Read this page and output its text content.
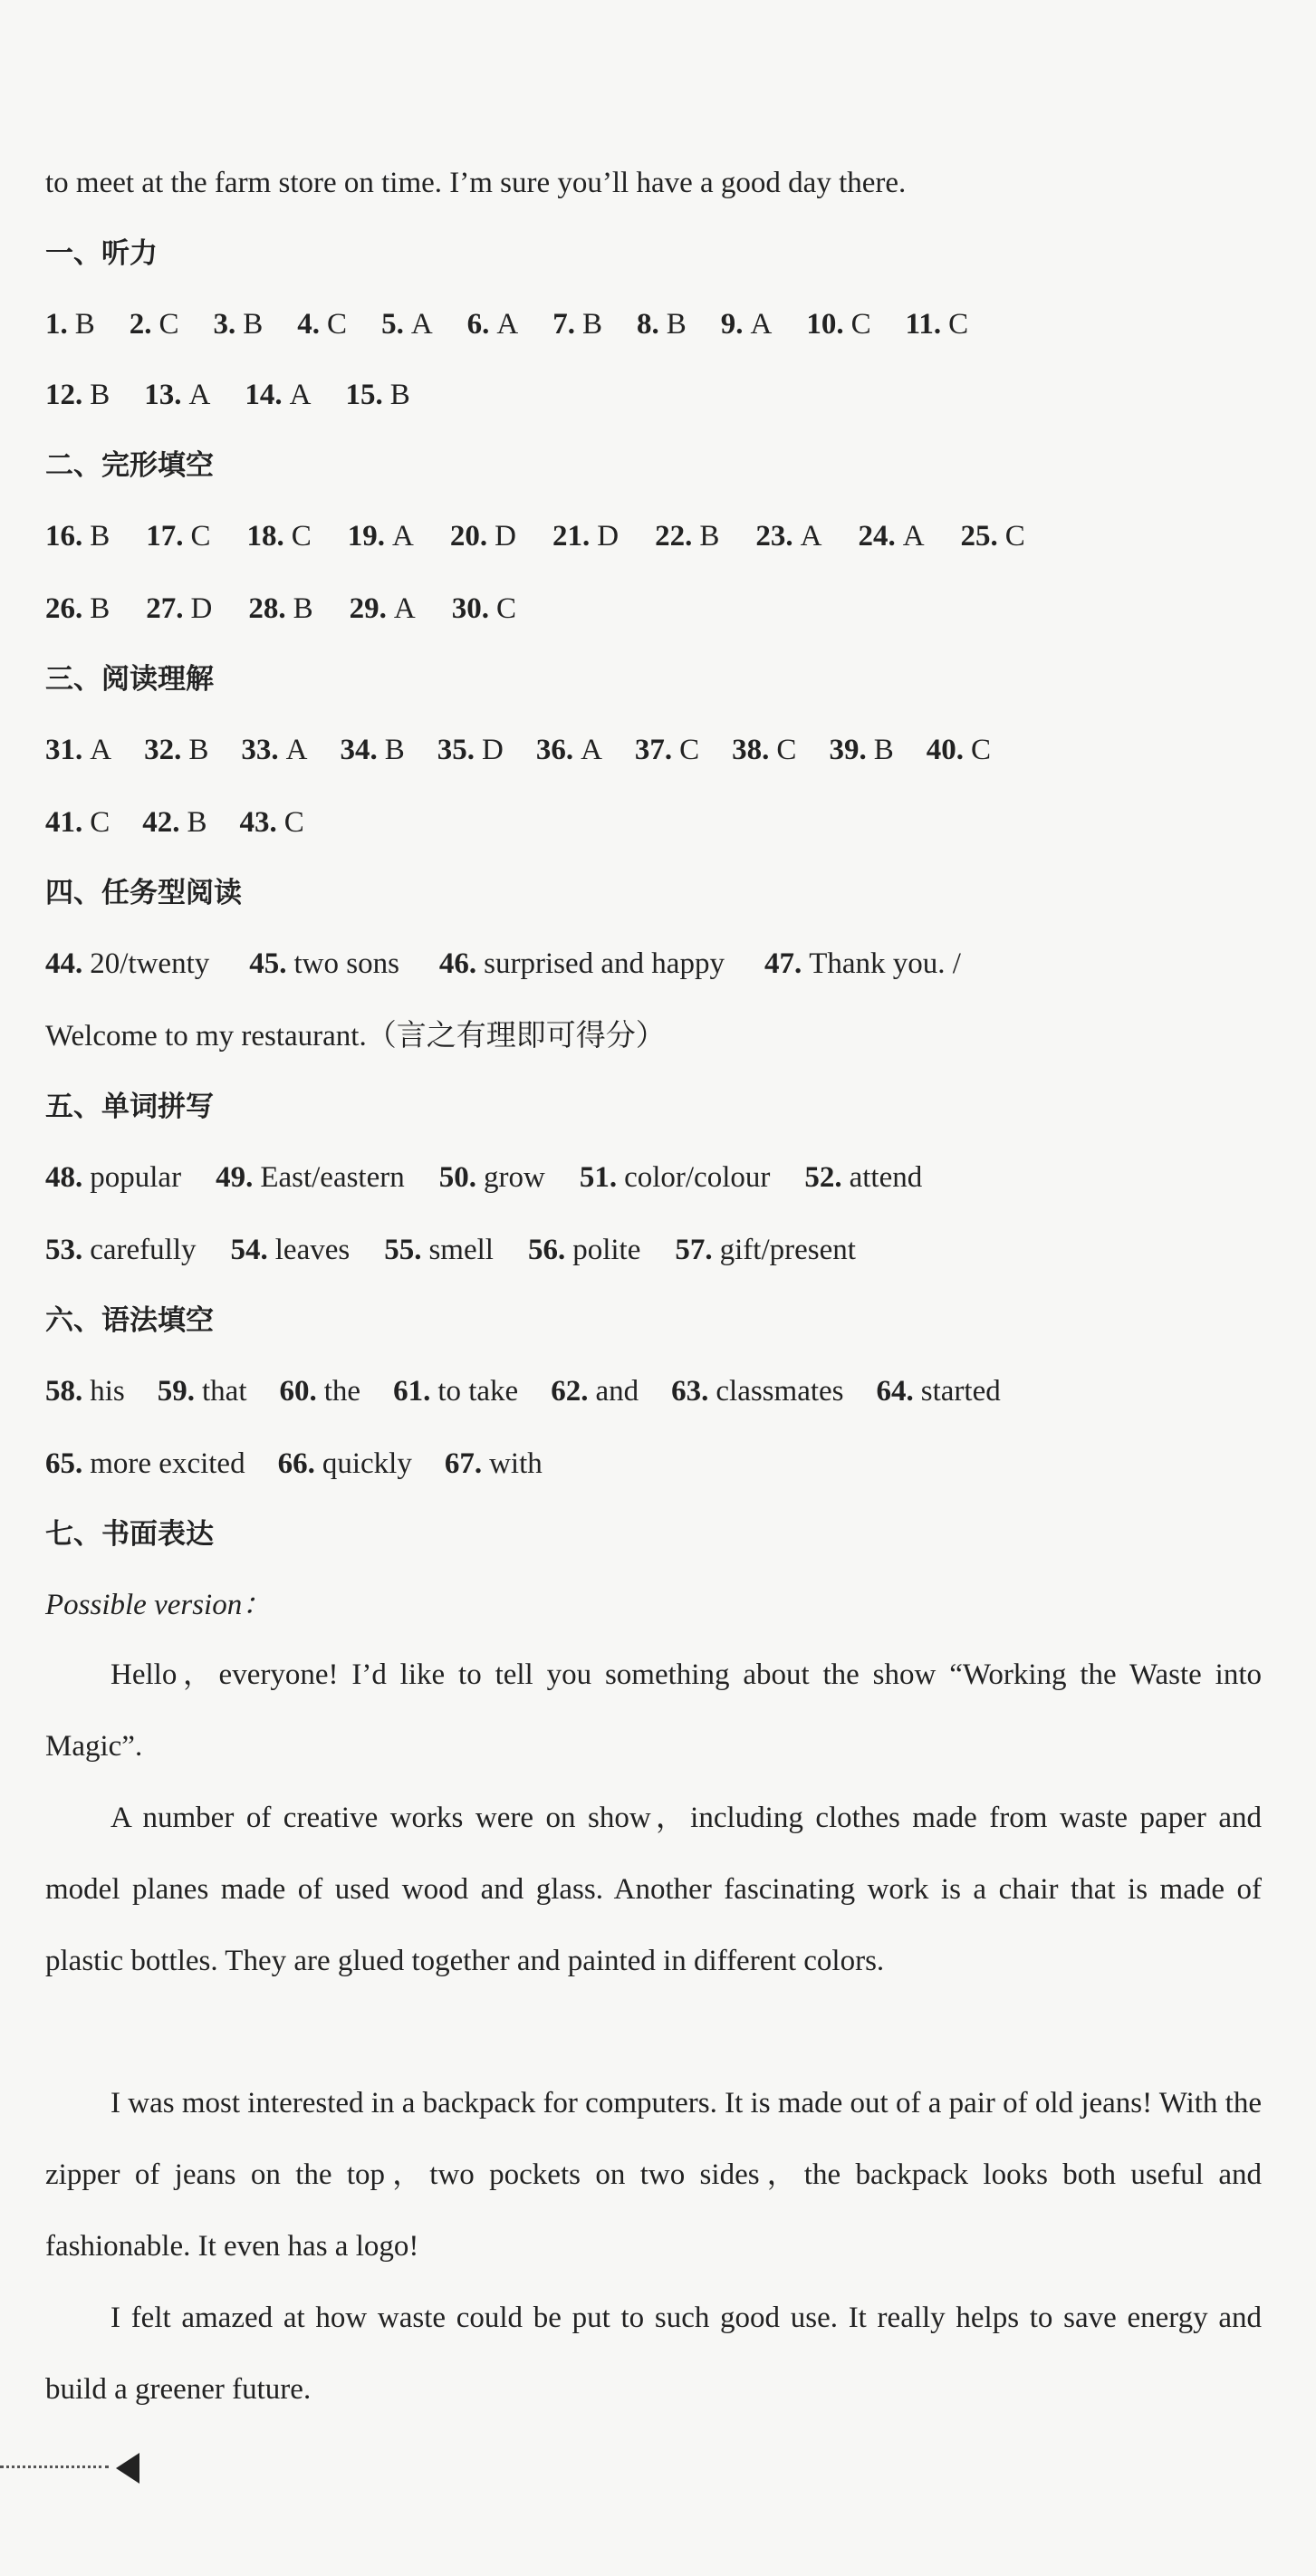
to meet at the farm store on time. I’m sure you’ll have a good day there.
一、听力
1. B 2. C 3. B 4. C 5. A 6. A 7. B 8. B 9. A 10. C 11. C
12. B 13. A 14. A 15. B
二、完形填空
16. B 17. C 18. C 19. A 20. D 21. D 22. B 23. A 24. A 25. C
26. B 27. D 28. B 29. A 30. C
三、阅读理解
31. A 32. B 33. A 34. B 35. D 36. A 37. C 38. C 39. B 40. C
41. C 42. B 43. C
四、任务型阅读
44. 20/twenty 45. two sons 46. surprised and happy 47. Thank you. /
Welcome to my restaurant.（言之有理即可得分）
五、单词拼写
48. popular 49. East/eastern 50. grow 51. color/colour 52. attend
53. carefully 54. leaves 55. smell 56. polite 57. gift/present
六、语法填空
58. his 59. that 60. the 61. to take 62. and 63. classmates 64. started
65. more excited 66. quickly 67. with
七、书面表达
Possible version：
Hello，everyone! I’d like to tell you something about the show “Working the Waste into Magic”.
A number of creative works were on show，including clothes made from waste paper and model planes made of used wood and glass. Another fascinating work is a chair that is made of plastic bottles. They are glued together and painted in different colors.
I was most interested in a backpack for computers. It is made out of a pair of old jeans! With the zipper of jeans on the top，two pockets on two sides，the backpack looks both useful and fashionable. It even has a logo!
I felt amazed at how waste could be put to such good use. It really helps to save energy and build a greener future.
